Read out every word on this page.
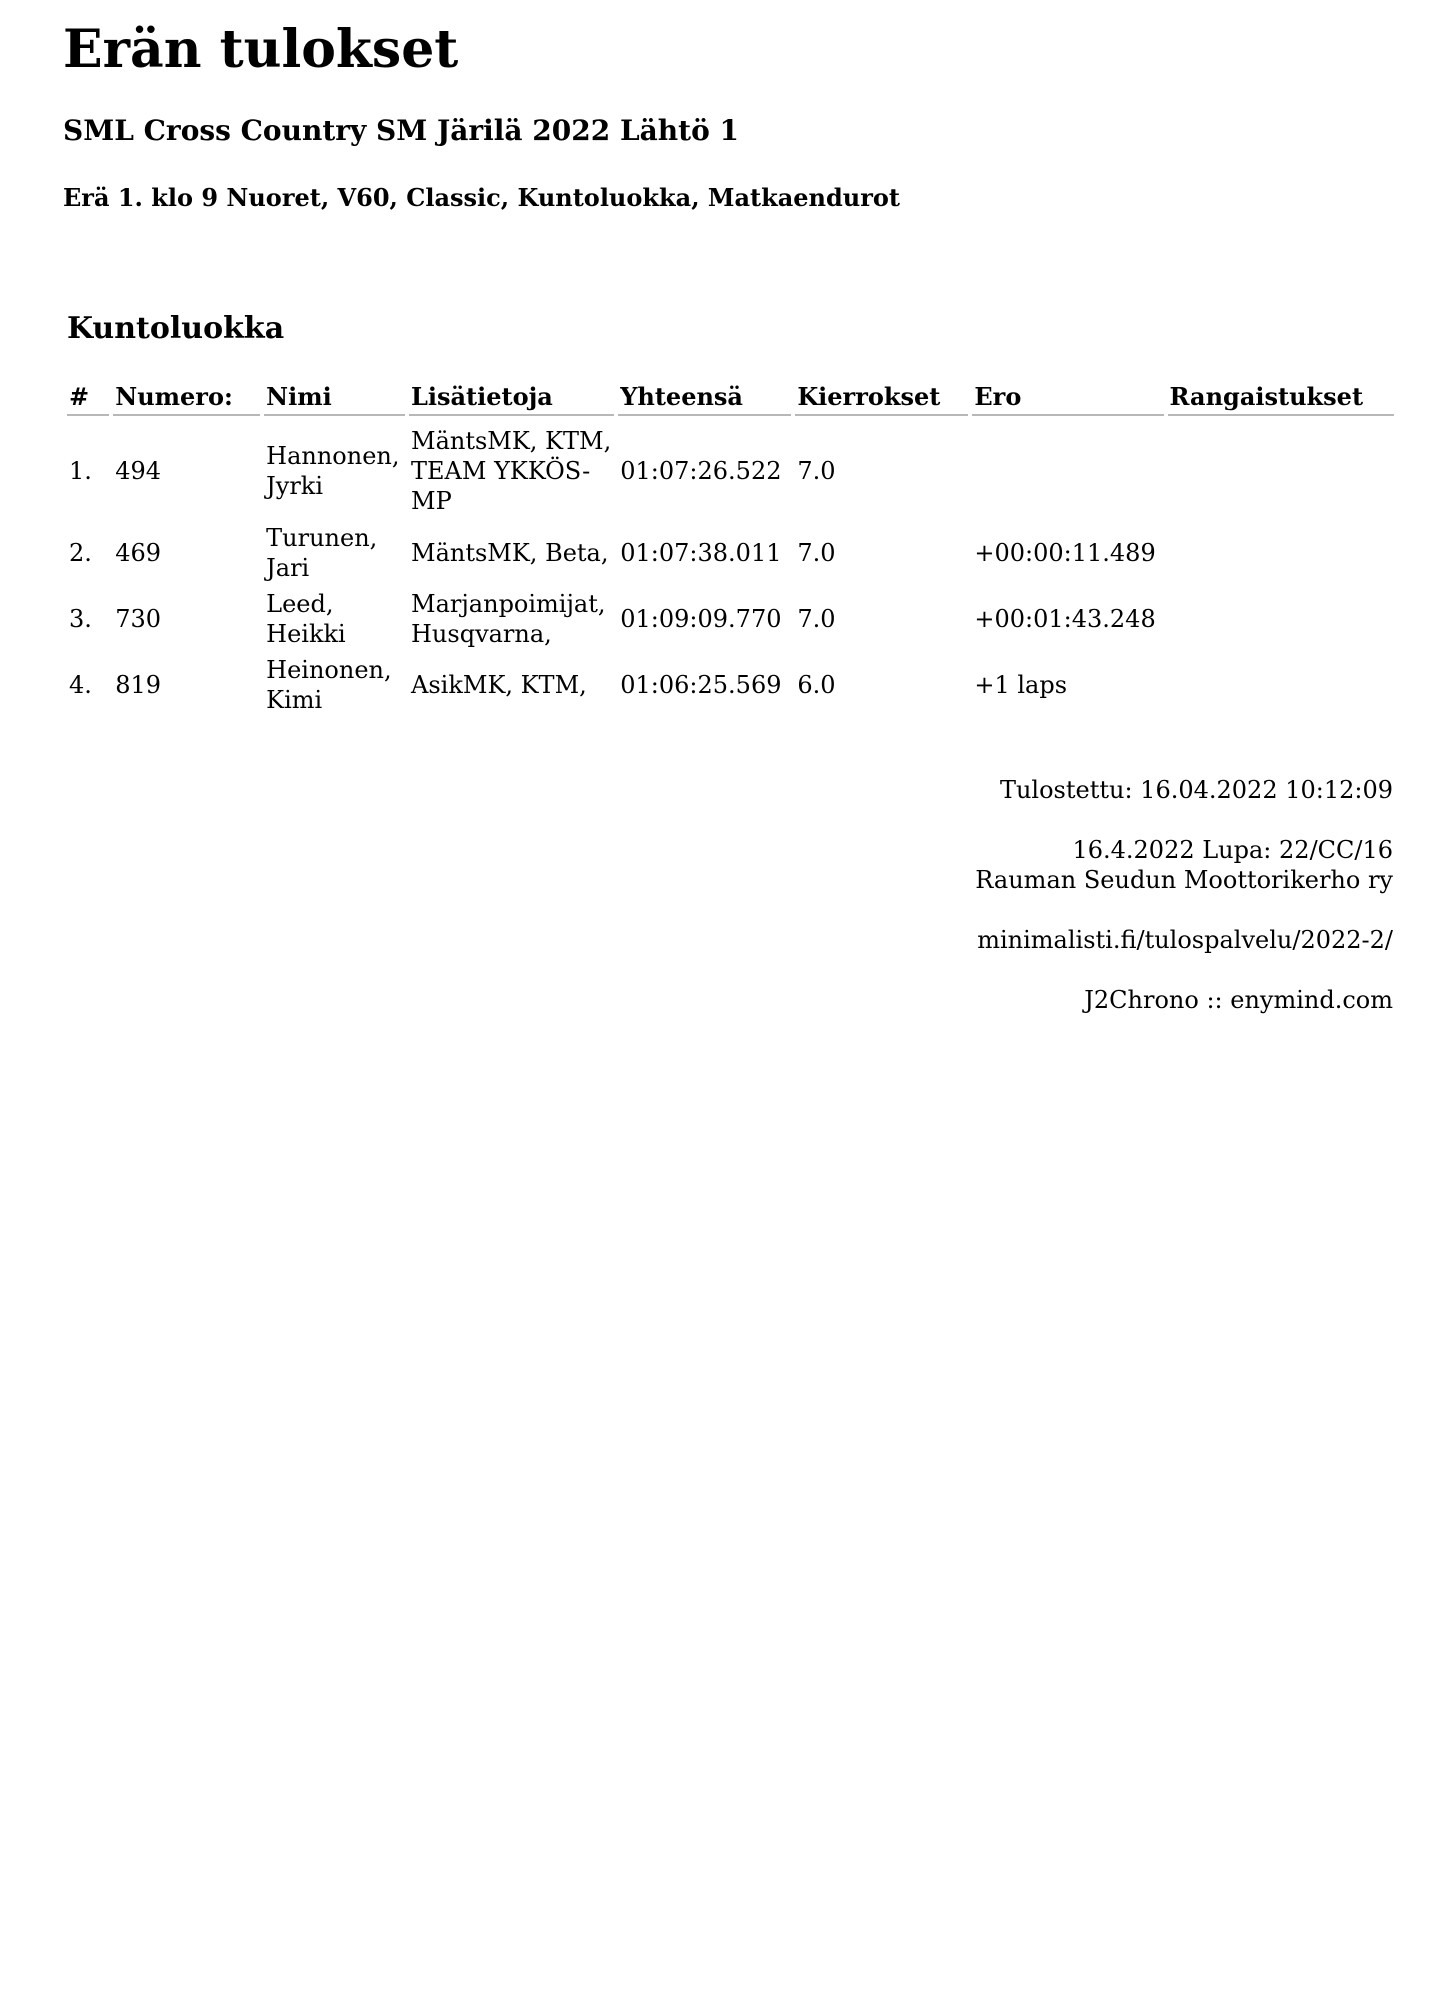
Erän tulokset
SML Cross Country SM Järilä 2022 Lähtö 1
Erä 1. klo 9 Nuoret, V60, Classic, Kuntoluokka, Matkaendurot
Kuntoluokka
#	Numero:	Nimi	Lisätietoja	Yhteensä	Kierrokset	Ero	Rangaistukset
1.	494	Hannonen, Jyrki	MäntsMK, KTM, TEAM YKKÖS-MP	01:07:26.522	7.0		
2.	469	Turunen, Jari	MäntsMK, Beta,	01:07:38.011	7.0	+00:00:11.489	
3.	730	Leed, Heikki	Marjanpoimijat, Husqvarna,	01:09:09.770	7.0	+00:01:43.248	
4.	819	Heinonen, Kimi	AsikMK, KTM,	01:06:25.569	6.0	+1 laps	

Tulostettu: 16.04.2022 10:12:09

16.4.2022 Lupa: 22/CC/16

Rauman Seudun Moottorikerho ry

minimalisti.fi/tulospalvelu/2022-2/

J2Chrono :: enymind.com
